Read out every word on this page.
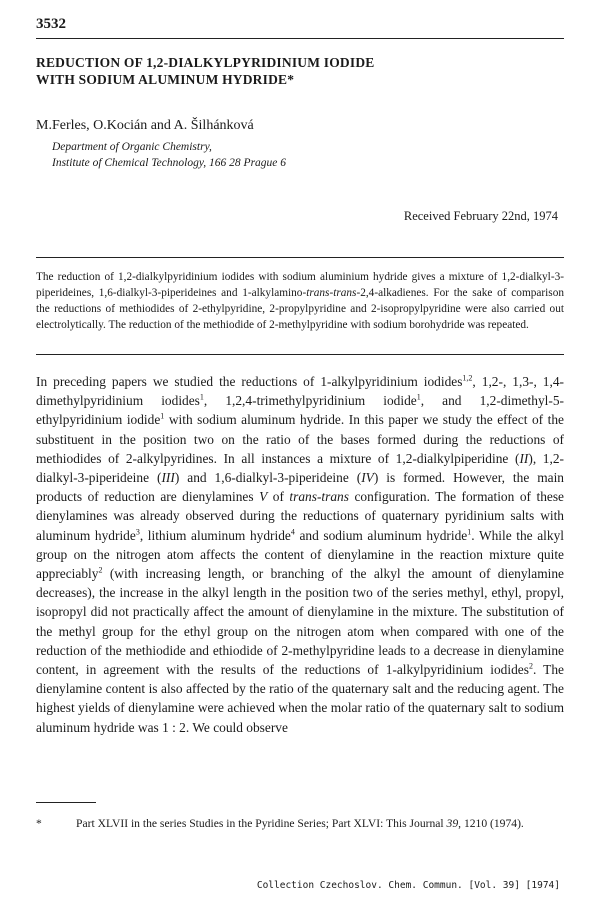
3532
REDUCTION OF 1,2-DIALKYLPYRIDINIUM IODIDE
WITH SODIUM ALUMINUM HYDRIDE*
M.Ferles, O.Kocián and A. Šilhánková
Department of Organic Chemistry,
Institute of Chemical Technology, 166 28 Prague 6
Received February 22nd, 1974
The reduction of 1,2-dialkylpyridinium iodides with sodium aluminium hydride gives a mixture of 1,2-dialkyl-3-piperideines, 1,6-dialkyl-3-piperideines and 1-alkylamino-trans-trans-2,4-alkadienes. For the sake of comparison the reductions of methiodides of 2-ethylpyridine, 2-propylpyridine and 2-isopropylpyridine were also carried out electrolytically. The reduction of the methiodide of 2-methylpyridine with sodium borohydride was repeated.

In preceding papers we studied the reductions of 1-alkylpyridinium iodides$^{1,2}$, 1,2-, 1,3-, 1,4-dimethylpyridinium iodides$^1$, 1,2,4-trimethylpyridinium iodide$^1$, and 1,2-dimethyl-5-ethylpyridinium iodide$^1$ with sodium aluminum hydride. In this paper we study the effect of the substituent in the position two on the ratio of the bases formed during the reductions of methiodides of 2-alkylpyridines. In all instances a mixture of 1,2-dialkylpiperidine (II), 1,2-dialkyl-3-piperideine (III) and 1,6-dialkyl-3-piperideine (IV) is formed. However, the main products of reduction are dienylamines V of trans-trans configuration. The formation of these dienylamines was already observed during the reductions of quaternary pyridinium salts with aluminum hydride$^3$, lithium aluminum hydride$^4$ and sodium aluminum hydride$^1$. While the alkyl group on the nitrogen atom affects the content of dienylamine in the reaction mixture quite appreciably$^2$ (with increasing length, or branching of the alkyl the amount of dienylamine decreases), the increase in the alkyl length in the position two of the series methyl, ethyl, propyl, isopropyl did not practically affect the amount of dienylamine in the mixture. The substitution of the methyl group for the ethyl group on the nitrogen atom when compared with one of the reduction of the methiodide and ethiodide of 2-methylpyridine leads to a decrease in dienylamine content, in agreement with the results of the reductions of 1-alkylpyridinium iodides$^2$. The dienylamine content is also affected by the ratio of the quaternary salt and the reducing agent. The highest yields of dienylamine were achieved when the molar ratio of the quaternary salt to sodium aluminum hydride was 1 : 2. We could observe

*	Part XLVII in the series Studies in the Pyridine Series; Part XLVI: This Journal 39, 1210 (1974).
Collection Czechoslov. Chem. Commun. [Vol. 39] [1974]
